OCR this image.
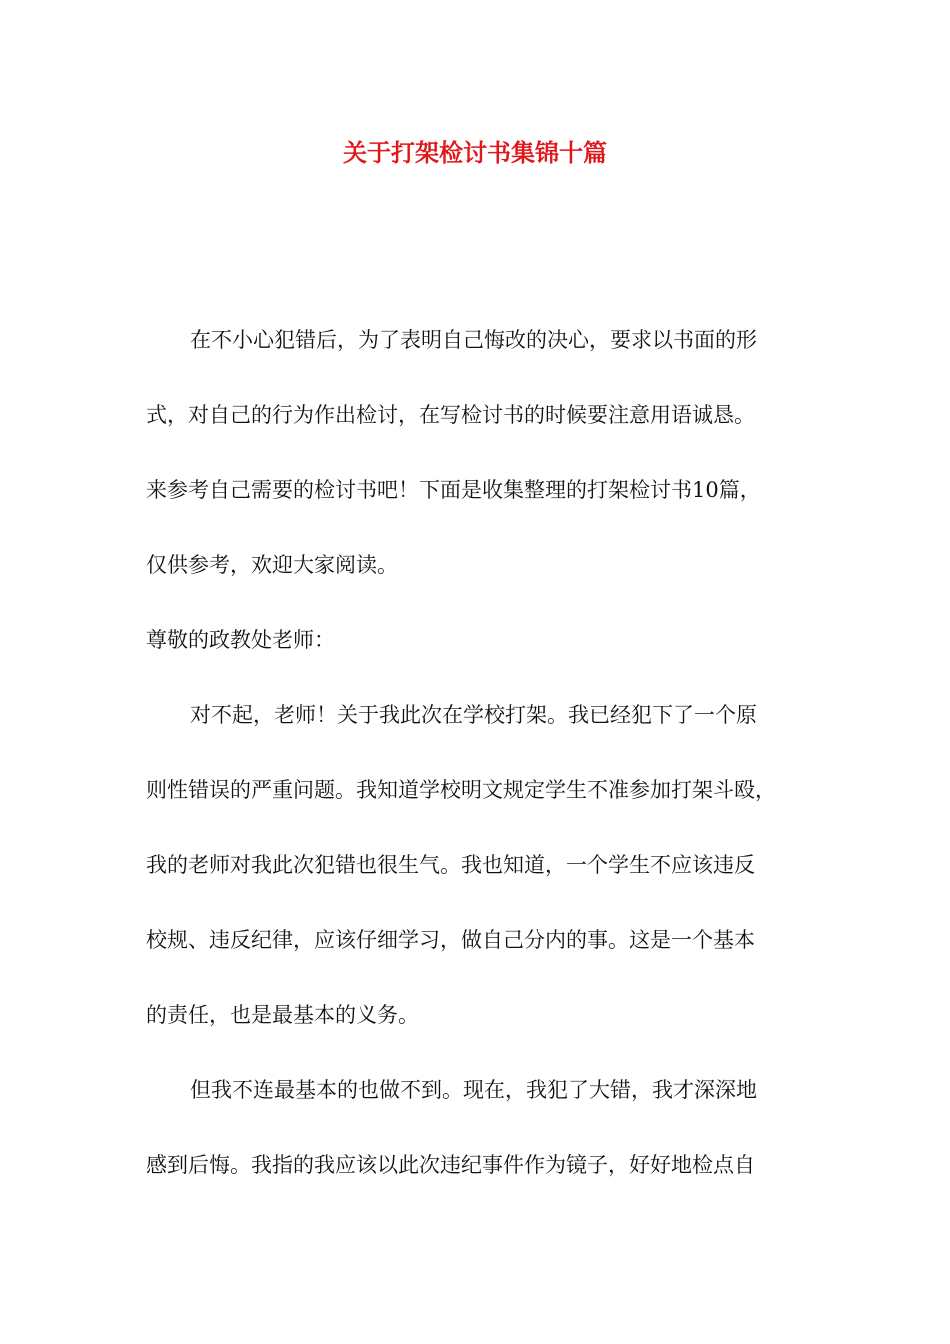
关于打架检讨书集锦十篇
在不小心犯错后，为了表明自己悔改的决心，要求以书面的形
式，对自己的行为作出检讨，在写检讨书的时候要注意用语诚恳。
来参考自己需要的检讨书吧！下面是收集整理的打架检讨书10篇，
仅供参考，欢迎大家阅读。
尊敬的政教处老师：
对不起，老师！关于我此次在学校打架。我已经犯下了一个原
则性错误的严重问题。我知道学校明文规定学生不准参加打架斗殴，
我的老师对我此次犯错也很生气。我也知道，一个学生不应该违反
校规、违反纪律，应该仔细学习，做自己分内的事。这是一个基本
的责任，也是最基本的义务。
但我不连最基本的也做不到。现在，我犯了大错，我才深深地
感到后悔。我指的我应该以此次违纪事件作为镜子，好好地检点自
